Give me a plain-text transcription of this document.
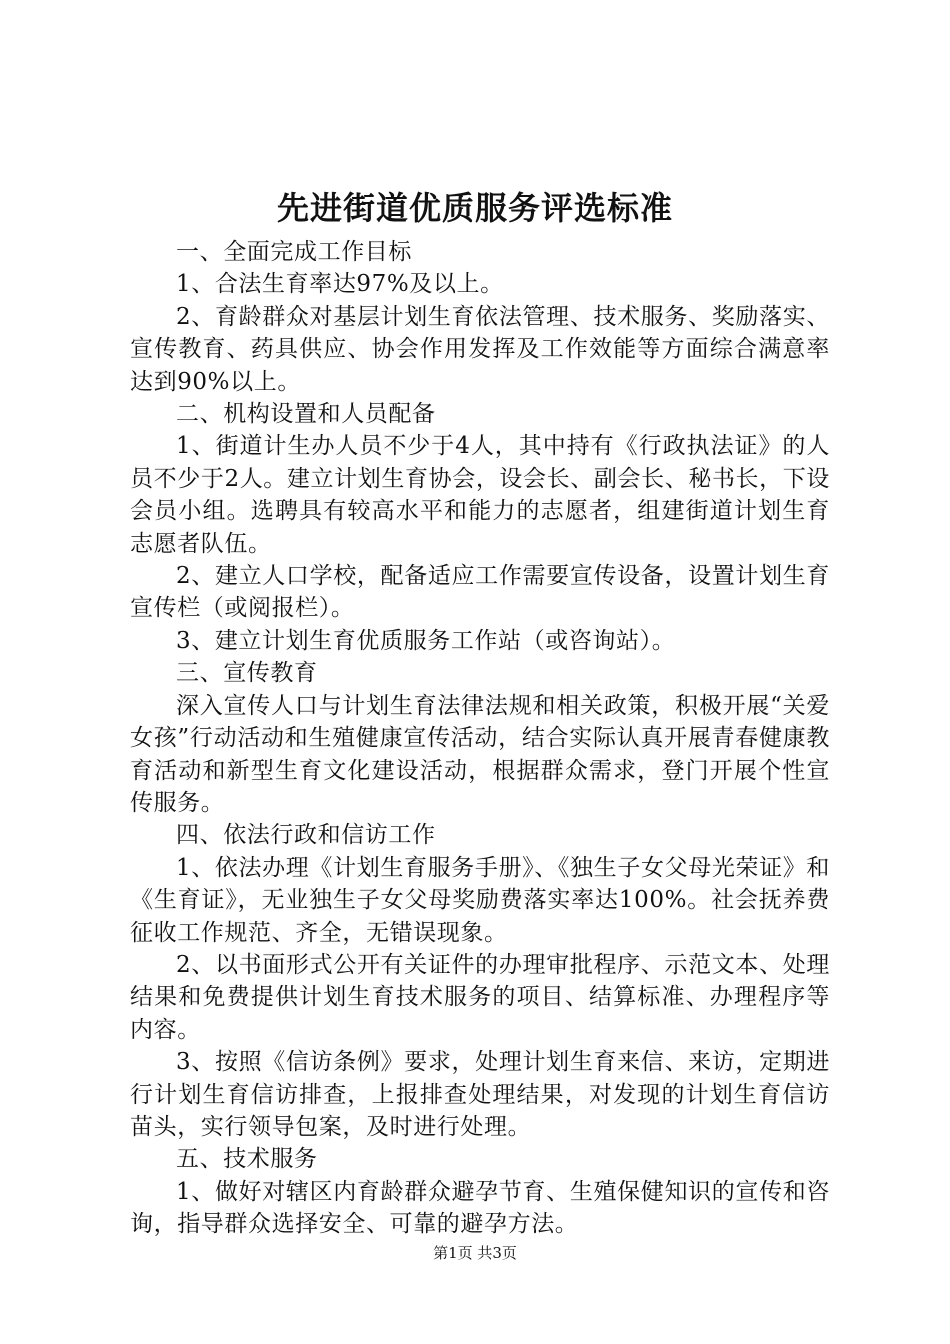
先进街道优质服务评选标准

一、全面完成工作目标

1、合法生育率达97%及以上。

2、育龄群众对基层计划生育依法管理、技术服务、奖励落实、宣传教育、药具供应、协会作用发挥及工作效能等方面综合满意率达到90%以上。

二、机构设置和人员配备

1、街道计生办人员不少于4人，其中持有《行政执法证》的人员不少于2人。建立计划生育协会，设会长、副会长、秘书长，下设会员小组。选聘具有较高水平和能力的志愿者，组建街道计划生育志愿者队伍。

2、建立人口学校，配备适应工作需要宣传设备，设置计划生育宣传栏（或阅报栏）。

3、建立计划生育优质服务工作站（或咨询站）。

三、宣传教育

深入宣传人口与计划生育法律法规和相关政策，积极开展“关爱女孩”行动活动和生殖健康宣传活动，结合实际认真开展青春健康教育活动和新型生育文化建设活动，根据群众需求，登门开展个性宣传服务。

四、依法行政和信访工作

1、依法办理《计划生育服务手册》、《独生子女父母光荣证》和《生育证》，无业独生子女父母奖励费落实率达100%。社会抚养费征收工作规范、齐全，无错误现象。

2、以书面形式公开有关证件的办理审批程序、示范文本、处理结果和免费提供计划生育技术服务的项目、结算标准、办理程序等内容。

3、按照《信访条例》要求，处理计划生育来信、来访，定期进行计划生育信访排查，上报排查处理结果，对发现的计划生育信访苗头，实行领导包案，及时进行处理。

五、技术服务

1、做好对辖区内育龄群众避孕节育、生殖保健知识的宣传和咨询，指导群众选择安全、可靠的避孕方法。

第1页 共3页
